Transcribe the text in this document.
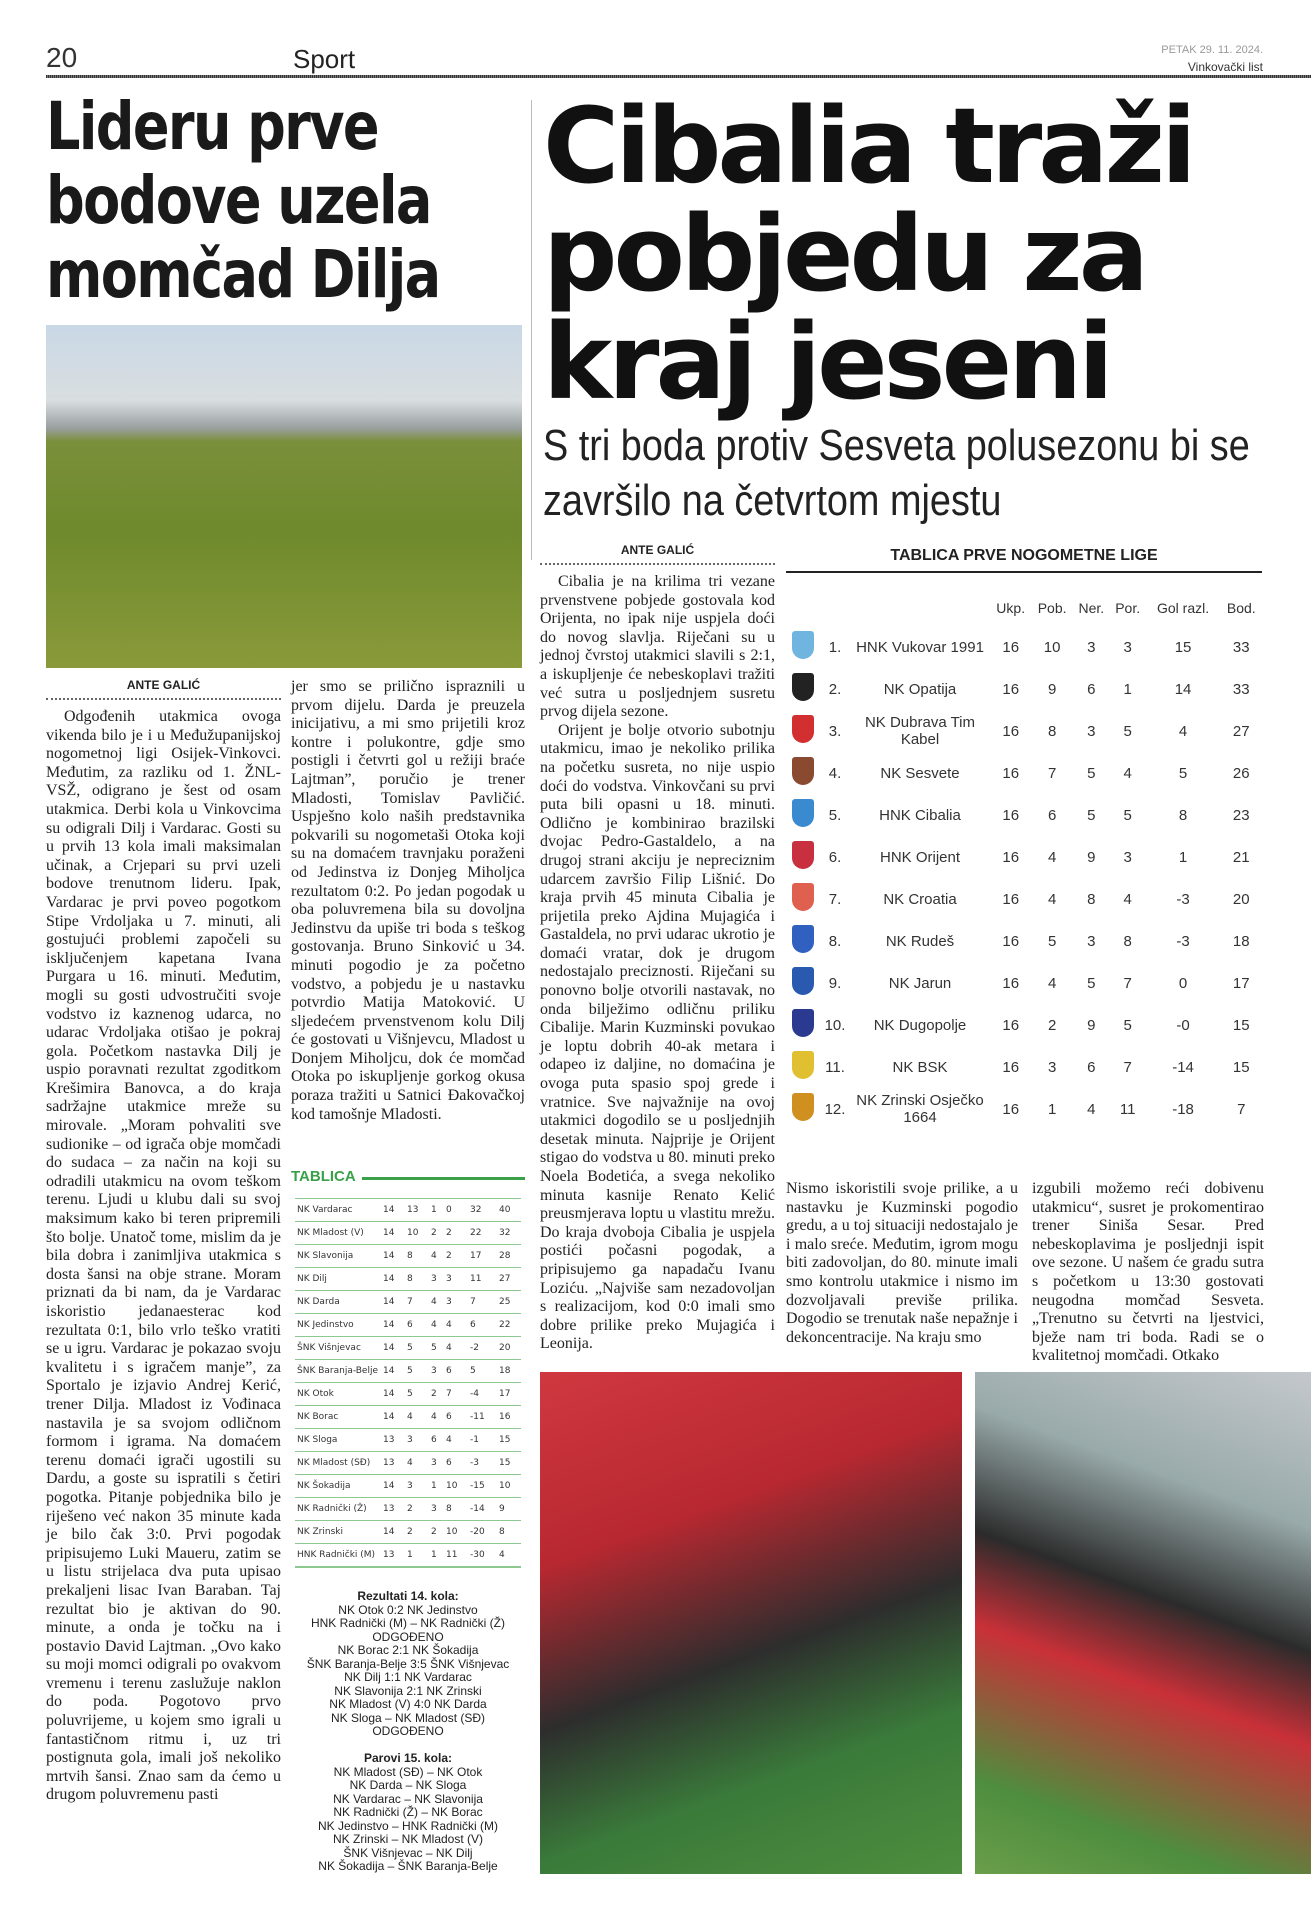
20	Sport	PETAK 29. 11. 2024.
Vinkovački list
Lideru prve bodove uzela momčad Dilja
Cibalia traži pobjedu za kraj jeseni
S tri boda protiv Sesveta polusezonu bi se završilo na četvrtom mjestu
ANTE GALIĆ

Odgođenih utakmica ovoga vikenda bilo je i u Međužupanijskoj nogometnoj ligi Osijek-Vinkovci. Međutim, za razliku od 1. ŽNL-VSŽ, odigrano je šest od osam utakmica. Derbi kola u Vinkovcima su odigrali Dilj i Vardarac. Gosti su u prvih 13 kola imali maksimalan učinak, a Crjepari su prvi uzeli bodove trenutnom lideru. Ipak, Vardarac je prvi poveo pogotkom Stipe Vrdoljaka u 7. minuti, ali gostujući problemi započeli su isključenjem kapetana Ivana Purgara u 16. minuti. Međutim, mogli su gosti udvostručiti svoje vodstvo iz kaznenog udarca, no udarac Vrdoljaka otišao je pokraj gola. Početkom nastavka Dilj je uspio poravnati rezultat zgoditkom Krešimira Banovca, a do kraja sadržajne utakmice mreže su mirovale. „Moram pohvaliti sve sudionike – od igrača obje momčadi do sudaca – za način na koji su odradili utakmicu na ovom teškom terenu. Ljudi u klubu dali su svoj maksimum kako bi teren pripremili što bolje. Unatoč tome, mislim da je bila dobra i zanimljiva utakmica s dosta šansi na obje strane. Moram priznati da bi nam, da je Vardarac iskoristio jedanaesterac kod rezultata 0:1, bilo vrlo teško vratiti se u igru. Vardarac je pokazao svoju kvalitetu i s igračem manje”, za Sportalo je izjavio Andrej Kerić, trener Dilja. Mladost iz Vođinaca nastavila je sa svojom odličnom formom i igrama. Na domaćem terenu domaći igrači ugostili su Dardu, a goste su ispratili s četiri pogotka. Pitanje pobjednika bilo je riješeno već nakon 35 minute kada je bilo čak 3:0. Prvi pogodak pripisujemo Luki Maueru, zatim se u listu strijelaca dva puta upisao prekaljeni lisac Ivan Baraban. Taj rezultat bio je aktivan do 90. minute, a onda je točku na i postavio David Lajtman. „Ovo kako su moji momci odigrali po ovakvom vremenu i terenu zaslužuje naklon do poda. Pogotovo prvo poluvrijeme, u kojem smo igrali u fantastičnom ritmu i, uz tri postignuta gola, imali još nekoliko mrtvih šansi. Znao sam da ćemo u drugom poluvremenu pasti

jer smo se prilično ispraznili u prvom dijelu. Darda je preuzela inicijativu, a mi smo prijetili kroz kontre i polukontre, gdje smo postigli i četvrti gol u režiji braće Lajtman”, poručio je trener Mladosti, Tomislav Pavličić. Uspješno kolo naših predstavnika pokvarili su nogometaši Otoka koji su na domaćem travnjaku poraženi od Jedinstva iz Donjeg Miholjca rezultatom 0:2. Po jedan pogodak u oba poluvremena bila su dovoljna Jedinstvu da upiše tri boda s teškog gostovanja. Bruno Sinković u 34. minuti pogodio je za početno vodstvo, a pobjedu je u nastavku potvrdio Matija Matoković. U sljedećem prvenstvenom kolu Dilj će gostovati u Višnjevcu, Mladost u Donjem Miholjcu, dok će momčad Otoka po iskupljenje gorkog okusa poraza tražiti u Satnici Đakovačkoj kod tamošnje Mladosti.

TABLICA
NK Vardarac	14	13	1	0	32	40
NK Mladost (V)	14	10	2	2	22	32
NK Slavonija	14	8	4	2	17	28
NK Dilj	14	8	3	3	11	27
NK Darda	14	7	4	3	7	25
NK Jedinstvo	14	6	4	4	6	22
ŠNK Višnjevac	14	5	5	4	-2	20
ŠNK Baranja-Belje	14	5	3	6	5	18
NK Otok	14	5	2	7	-4	17
NK Borac	14	4	4	6	-11	16
NK Sloga	13	3	6	4	-1	15
NK Mladost (SĐ)	13	4	3	6	-3	15
NK Šokadija	14	3	1	10	-15	10
NK Radnički (Ž)	13	2	3	8	-14	9
NK Zrinski	14	2	2	10	-20	8
HNK Radnički (M)	13	1	1	11	-30	4
Rezultati 14. kola:
NK Otok 0:2 NK Jedinstvo
HNK Radnički (M) – NK Radnički (Ž)
ODGOĐENO
NK Borac 2:1 NK Šokadija
ŠNK Baranja-Belje 3:5 ŠNK Višnjevac
NK Dilj 1:1 NK Vardarac
NK Slavonija 2:1 NK Zrinski
NK Mladost (V) 4:0 NK Darda
NK Sloga – NK Mladost (SĐ)
ODGOĐENO

Parovi 15. kola:
NK Mladost (SĐ) – NK Otok
NK Darda – NK Sloga
NK Vardarac – NK Slavonija
NK Radnički (Ž) – NK Borac
NK Jedinstvo – HNK Radnički (M)
NK Zrinski – NK Mladost (V)
ŠNK Višnjevac – NK Dilj
NK Šokadija – ŠNK Baranja-Belje
ANTE GALIĆ

Cibalia je na krilima tri vezane prvenstvene pobjede gostovala kod Orijenta, no ipak nije uspjela doći do novog slavlja. Riječani su u jednoj čvrstoj utakmici slavili s 2:1, a iskupljenje će nebeskoplavi tražiti već sutra u posljednjem susretu prvog dijela sezone.

Orijent je bolje otvorio subotnju utakmicu, imao je nekoliko prilika na početku susreta, no nije uspio doći do vodstva. Vinkovčani su prvi puta bili opasni u 18. minuti. Odlično je kombinirao brazilski dvojac Pedro-Gastaldelo, a na drugoj strani akciju je nepreciznim udarcem završio Filip Lišnić. Do kraja prvih 45 minuta Cibalia je prijetila preko Ajdina Mujagića i Gastaldela, no prvi udarac ukrotio je domaći vratar, dok je drugom nedostajalo preciznosti. Riječani su ponovno bolje otvorili nastavak, no onda bilježimo odličnu priliku Cibalije. Marin Kuzminski povukao je loptu dobrih 40-ak metara i odapeo iz daljine, no domaćina je ovoga puta spasio spoj grede i vratnice. Sve najvažnije na ovoj utakmici dogodilo se u posljednjih desetak minuta. Najprije je Orijent stigao do vodstva u 80. minuti preko Noela Bodetića, a svega nekoliko minuta kasnije Renato Kelić preusmjerava loptu u vlastitu mrežu. Do kraja dvoboja Cibalia je uspjela postići počasni pogodak, a pripisujemo ga napadaču Ivanu Loziću. „Najviše sam nezadovoljan s realizacijom, kod 0:0 imali smo dobre prilike preko Mujagića i Leonija.

Nismo iskoristili svoje prilike, a u nastavku je Kuzminski pogodio gredu, a u toj situaciji nedostajalo je i malo sreće. Međutim, igrom mogu biti zadovoljan, do 80. minute imali smo kontrolu utakmice i nismo im dozvoljavali previše prilika. Dogodio se trenutak naše nepažnje i dekoncentracije. Na kraju smo

izgubili možemo reći dobivenu utakmicu“, susret je prokomentirao trener Siniša Sesar. Pred nebeskoplavima je posljednji ispit ove sezone. U našem će gradu sutra s početkom u 13:30 gostovati neugodna momčad Sesveta. „Trenutno su četvrti na ljestvici, bježe nam tri boda. Radi se o kvalitetnoj momčadi. Otkako

TABLICA PRVE NOGOMETNE LIGE
			Ukp.	Pob.	Ner.	Por.	Gol razl.	Bod.
	1.	HNK Vukovar 1991	16	10	3	3	15	33
	2.	NK Opatija	16	9	6	1	14	33
	3.	NK Dubrava Tim Kabel	16	8	3	5	4	27
	4.	NK Sesvete	16	7	5	4	5	26
	5.	HNK Cibalia	16	6	5	5	8	23
	6.	HNK Orijent	16	4	9	3	1	21
	7.	NK Croatia	16	4	8	4	-3	20
	8.	NK Rudeš	16	5	3	8	-3	18
	9.	NK Jarun	16	4	5	7	0	17
	10.	NK Dugopolje	16	2	9	5	-0	15
	11.	NK BSK	16	3	6	7	-14	15
	12.	NK Zrinski Osječko 1664	16	1	4	11	-18	7
